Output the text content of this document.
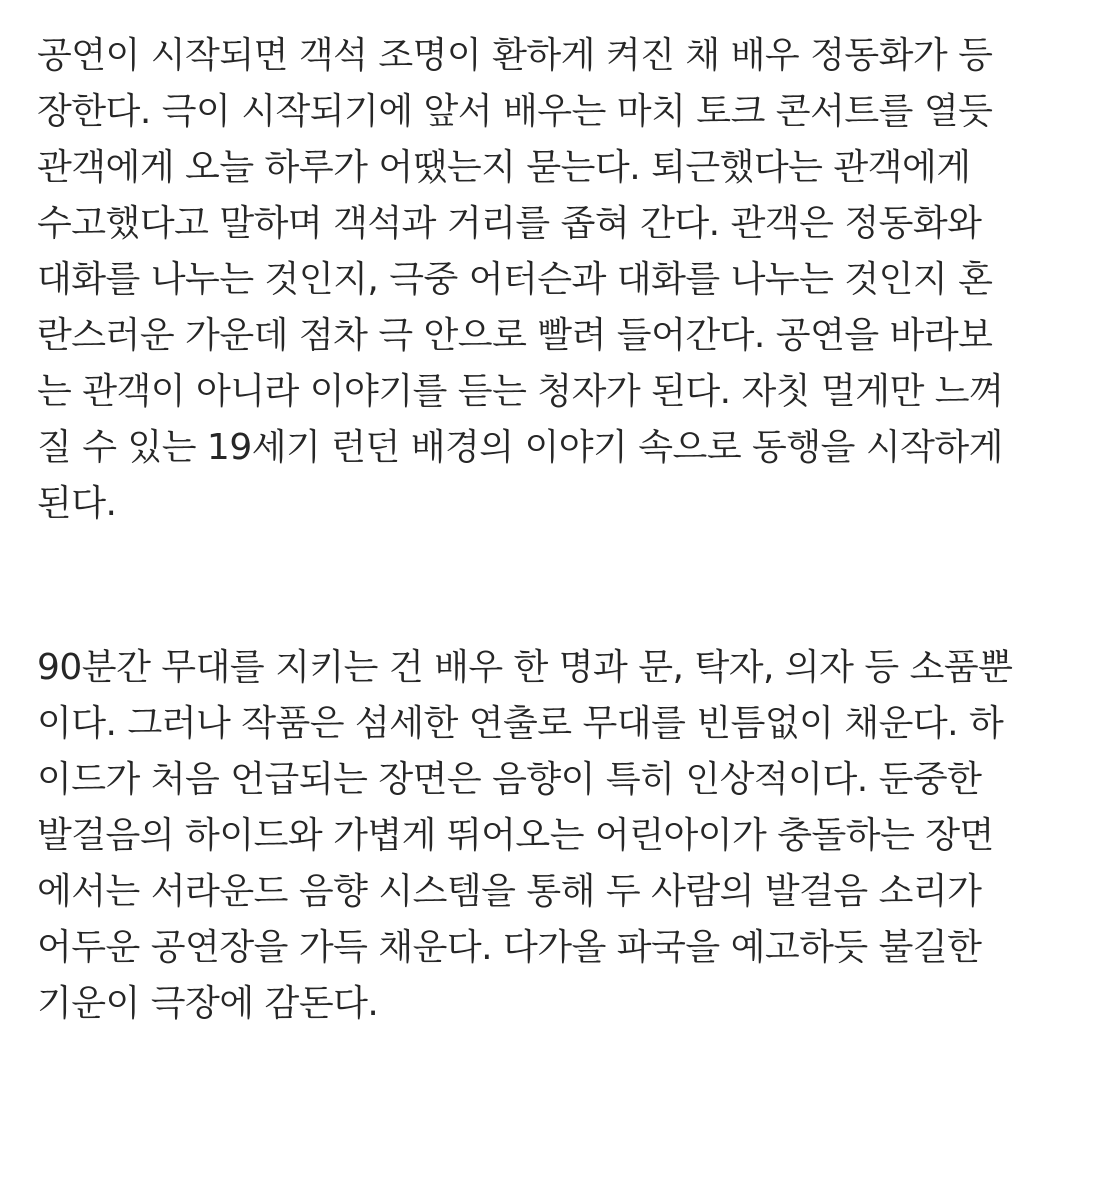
공연이 시작되면 객석 조명이 환하게 켜진 채 배우 정동화가 등
장한다. 극이 시작되기에 앞서 배우는 마치 토크 콘서트를 열듯
관객에게 오늘 하루가 어땠는지 묻는다. 퇴근했다는 관객에게
수고했다고 말하며 객석과 거리를 좁혀 간다. 관객은 정동화와
대화를 나누는 것인지, 극중 어터슨과 대화를 나누는 것인지 혼
란스러운 가운데 점차 극 안으로 빨려 들어간다. 공연을 바라보
는 관객이 아니라 이야기를 듣는 청자가 된다. 자칫 멀게만 느껴
질 수 있는 19세기 런던 배경의 이야기 속으로 동행을 시작하게
된다.

90분간 무대를 지키는 건 배우 한 명과 문, 탁자, 의자 등 소품뿐
이다. 그러나 작품은 섬세한 연출로 무대를 빈틈없이 채운다. 하
이드가 처음 언급되는 장면은 음향이 특히 인상적이다. 둔중한
발걸음의 하이드와 가볍게 뛰어오는 어린아이가 충돌하는 장면
에서는 서라운드 음향 시스템을 통해 두 사람의 발걸음 소리가
어두운 공연장을 가득 채운다. 다가올 파국을 예고하듯 불길한
기운이 극장에 감돈다.
